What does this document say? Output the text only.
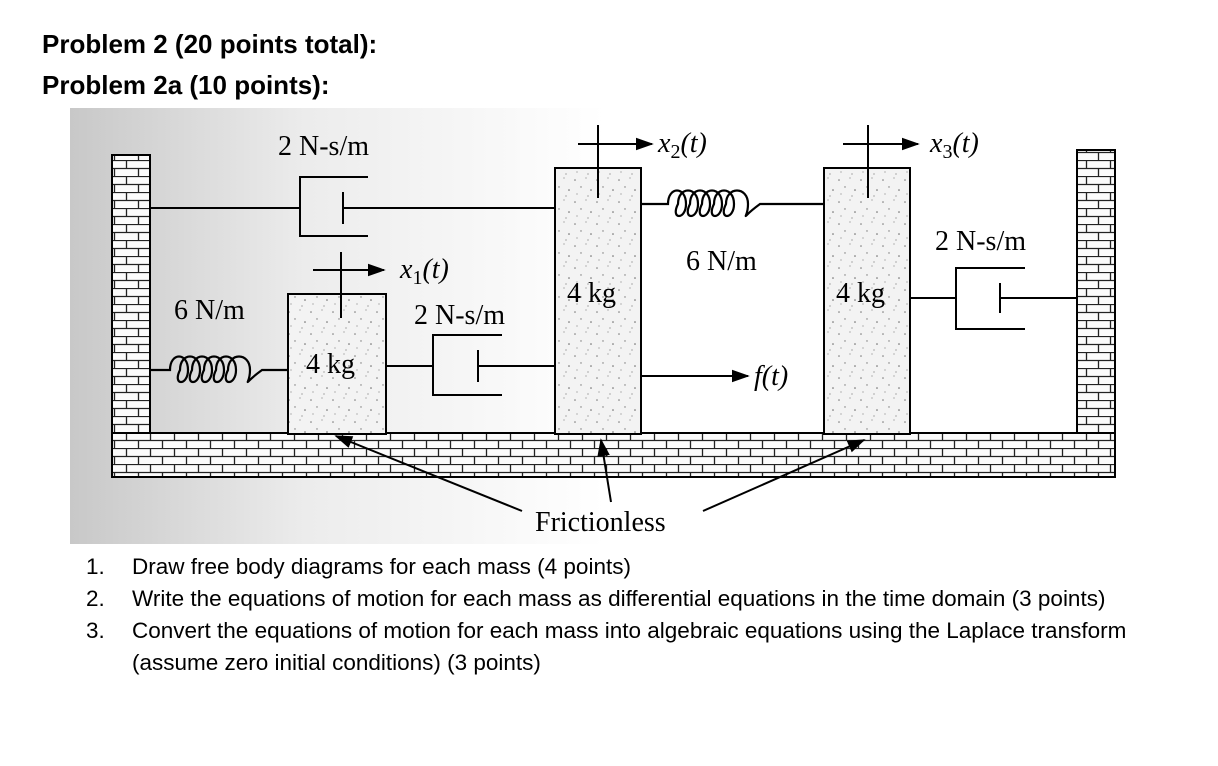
Problem 2 (20 points total):
Problem 2a (10 points):
2 N-s/m
6 N/m
4 kg
4 kg	4 kg
2 N-s/m
6 N/m
2 N-s/m
x1(t)
x2(t)	x3(t)
f(t)
Frictionless
1. Draw free body diagrams for each mass (4 points)
2. Write the equations of motion for each mass as differential equations in the time domain (3 points)
3. Convert the equations of motion for each mass into algebraic equations using the Laplace transform (assume zero initial conditions) (3 points)
